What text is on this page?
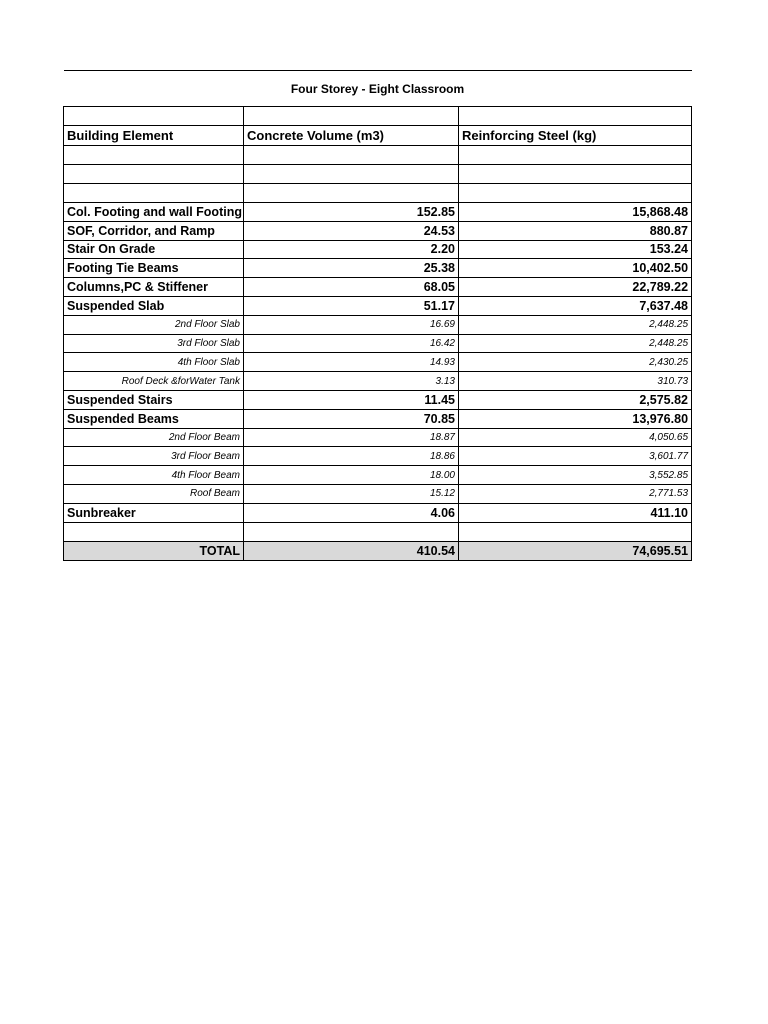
Four Storey - Eight Classroom		

Building Element	Concrete Volume (m3)	Reinforcing Steel (kg)

Col. Footing and wall Footing	152.85	15,868.48
SOF, Corridor, and Ramp	24.53	880.87
Stair On Grade	2.20	153.24
Footing Tie Beams	25.38	10,402.50
Columns,PC & Stiffener	68.05	22,789.22
Suspended Slab	51.17	7,637.48
2nd Floor Slab	16.69	2,448.25
3rd Floor Slab	16.42	2,448.25
4th Floor Slab	14.93	2,430.25
Roof Deck &forWater Tank	3.13	310.73
Suspended Stairs	11.45	2,575.82
Suspended Beams	70.85	13,976.80
2nd Floor Beam	18.87	4,050.65
3rd Floor Beam	18.86	3,601.77
4th Floor Beam	18.00	3,552.85
Roof Beam	15.12	2,771.53
Sunbreaker	4.06	411.10

TOTAL	410.54	74,695.51
